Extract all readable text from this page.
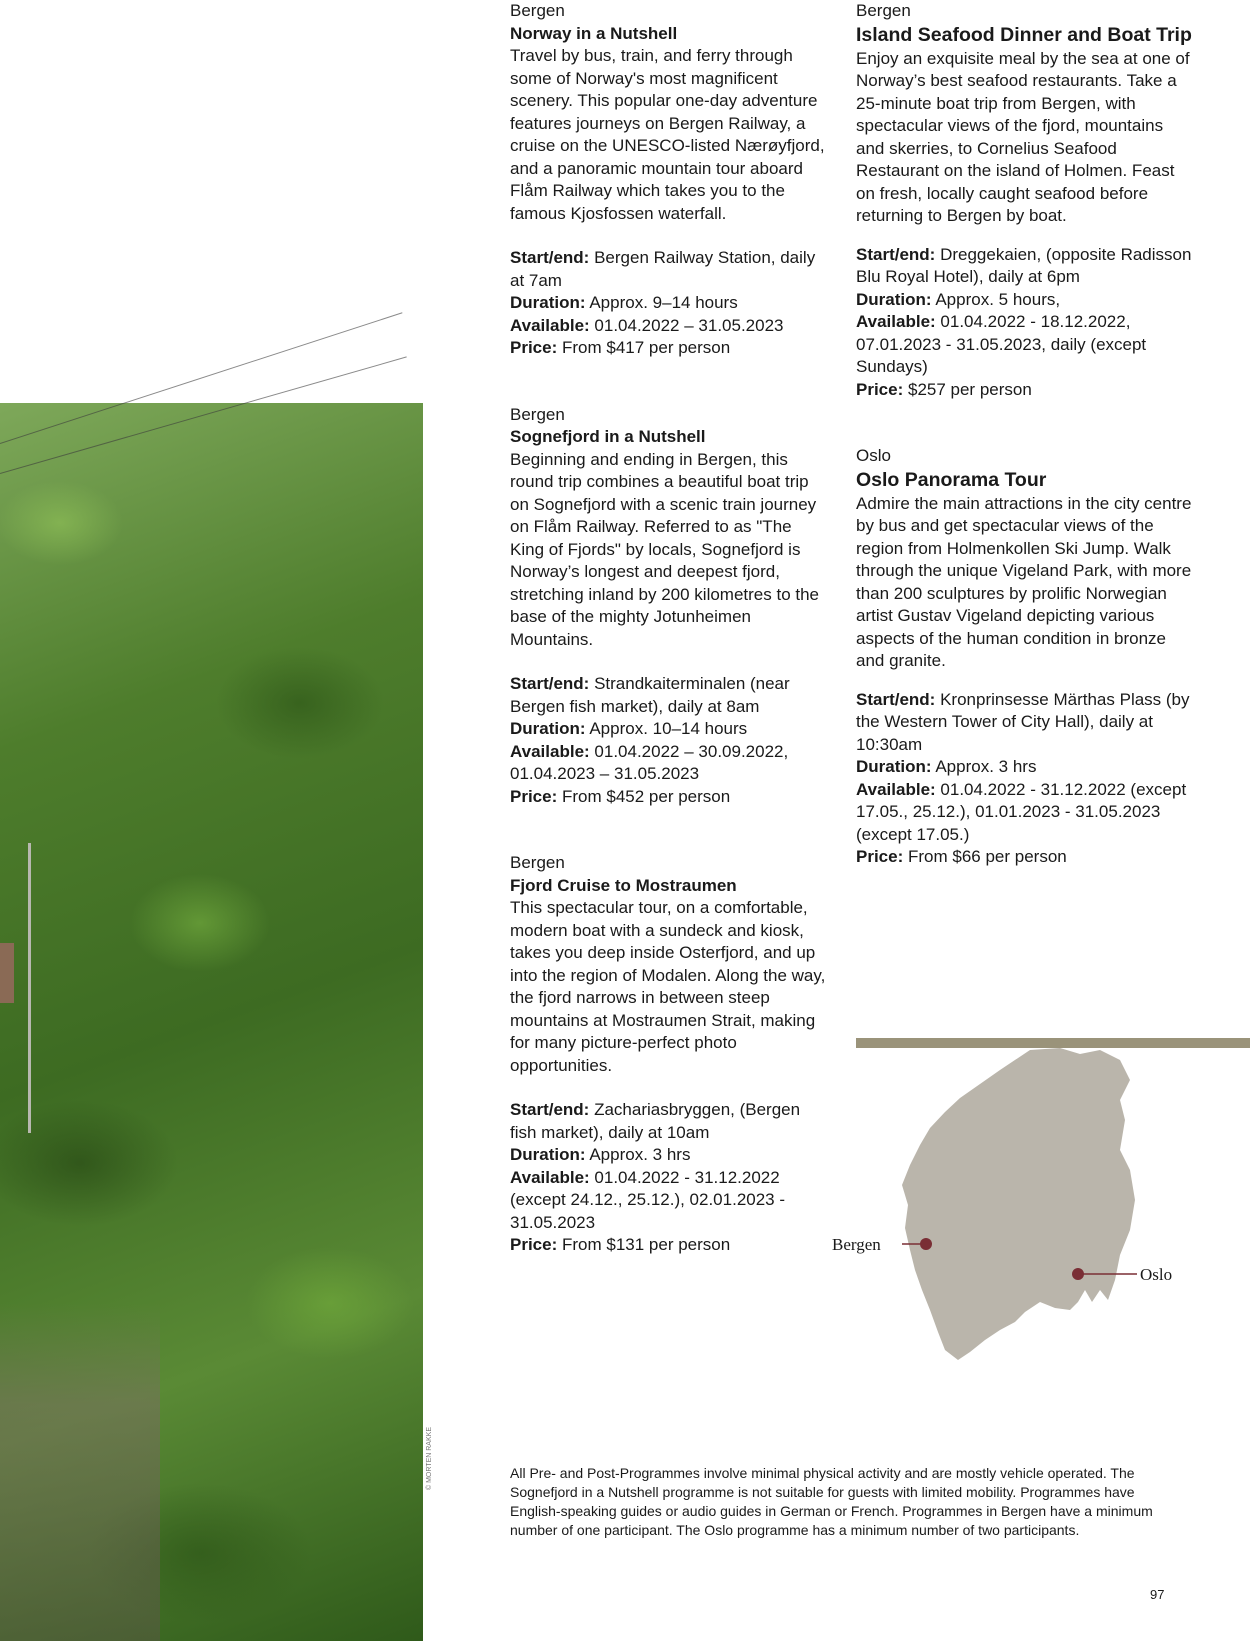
© MORTEN RAKKE
Bergen
Norway in a Nutshell
Travel by bus, train, and ferry through some of Norway's most magnificent scenery. This popular one-day adventure features journeys on Bergen Railway, a cruise on the UNESCO-listed Nærøyfjord, and a panoramic mountain tour aboard Flåm Railway which takes you to the famous Kjosfossen waterfall.
Start/end: Bergen Railway Station, daily at 7am
Duration: Approx. 9–14 hours
Available: 01.04.2022 – 31.05.2023
Price: From $417 per person
Bergen
Sognefjord in a Nutshell
Beginning and ending in Bergen, this round trip combines a beautiful boat trip on Sognefjord with a scenic train journey on Flåm Railway. Referred to as "The King of Fjords" by locals, Sognefjord is Norway’s longest and deepest fjord, stretching inland by 200 kilometres to the base of the mighty Jotunheimen Mountains.
Start/end: Strandkaiterminalen (near Bergen fish market), daily at 8am
Duration: Approx. 10–14 hours
Available: 01.04.2022 – 30.09.2022, 01.04.2023 – 31.05.2023
Price: From $452 per person
Bergen
Fjord Cruise to Mostraumen
This spectacular tour, on a comfortable, modern boat with a sundeck and kiosk, takes you deep inside Osterfjord, and up into the region of Modalen. Along the way, the fjord narrows in between steep mountains at Mostraumen Strait, making for many picture-perfect photo opportunities.
Start/end: Zachariasbryggen, (Bergen fish market), daily at 10am
Duration: Approx. 3 hrs
Available: 01.04.2022 - 31.12.2022 (except 24.12., 25.12.), 02.01.2023 - 31.05.2023
Price: From $131 per person
Bergen
Island Seafood Dinner and Boat Trip
Enjoy an exquisite meal by the sea at one of Norway’s best seafood restaurants. Take a 25-minute boat trip from Bergen, with spectacular views of the fjord, mountains and skerries, to Cornelius Seafood Restaurant on the island of Holmen. Feast on fresh, locally caught seafood before returning to Bergen by boat.
Start/end: Dreggekaien, (opposite Radisson Blu Royal Hotel), daily at 6pm
Duration: Approx. 5 hours,
Available: 01.04.2022 - 18.12.2022, 07.01.2023 - 31.05.2023, daily (except Sundays)
Price: $257 per person
Oslo
Oslo Panorama Tour
Admire the main attractions in the city centre by bus and get spectacular views of the region from Holmenkollen Ski Jump. Walk through the unique Vigeland Park, with more than 200 sculptures by prolific Norwegian artist Gustav Vigeland depicting various aspects of the human condition in bronze and granite.
Start/end: Kronprinsesse Märthas Plass (by the Western Tower of City Hall), daily at 10:30am
Duration: Approx. 3 hrs
Available: 01.04.2022 - 31.12.2022 (except 17.05., 25.12.), 01.01.2023 - 31.05.2023 (except 17.05.)
Price: From $66 per person
Bergen
Oslo
All Pre- and Post-Programmes involve minimal physical activity and are mostly vehicle operated. The Sognefjord in a Nutshell programme is not suitable for guests with limited mobility. Programmes have English-speaking guides or audio guides in German or French. Programmes in Bergen have a minimum number of one participant. The Oslo programme has a minimum number of two participants.
97
